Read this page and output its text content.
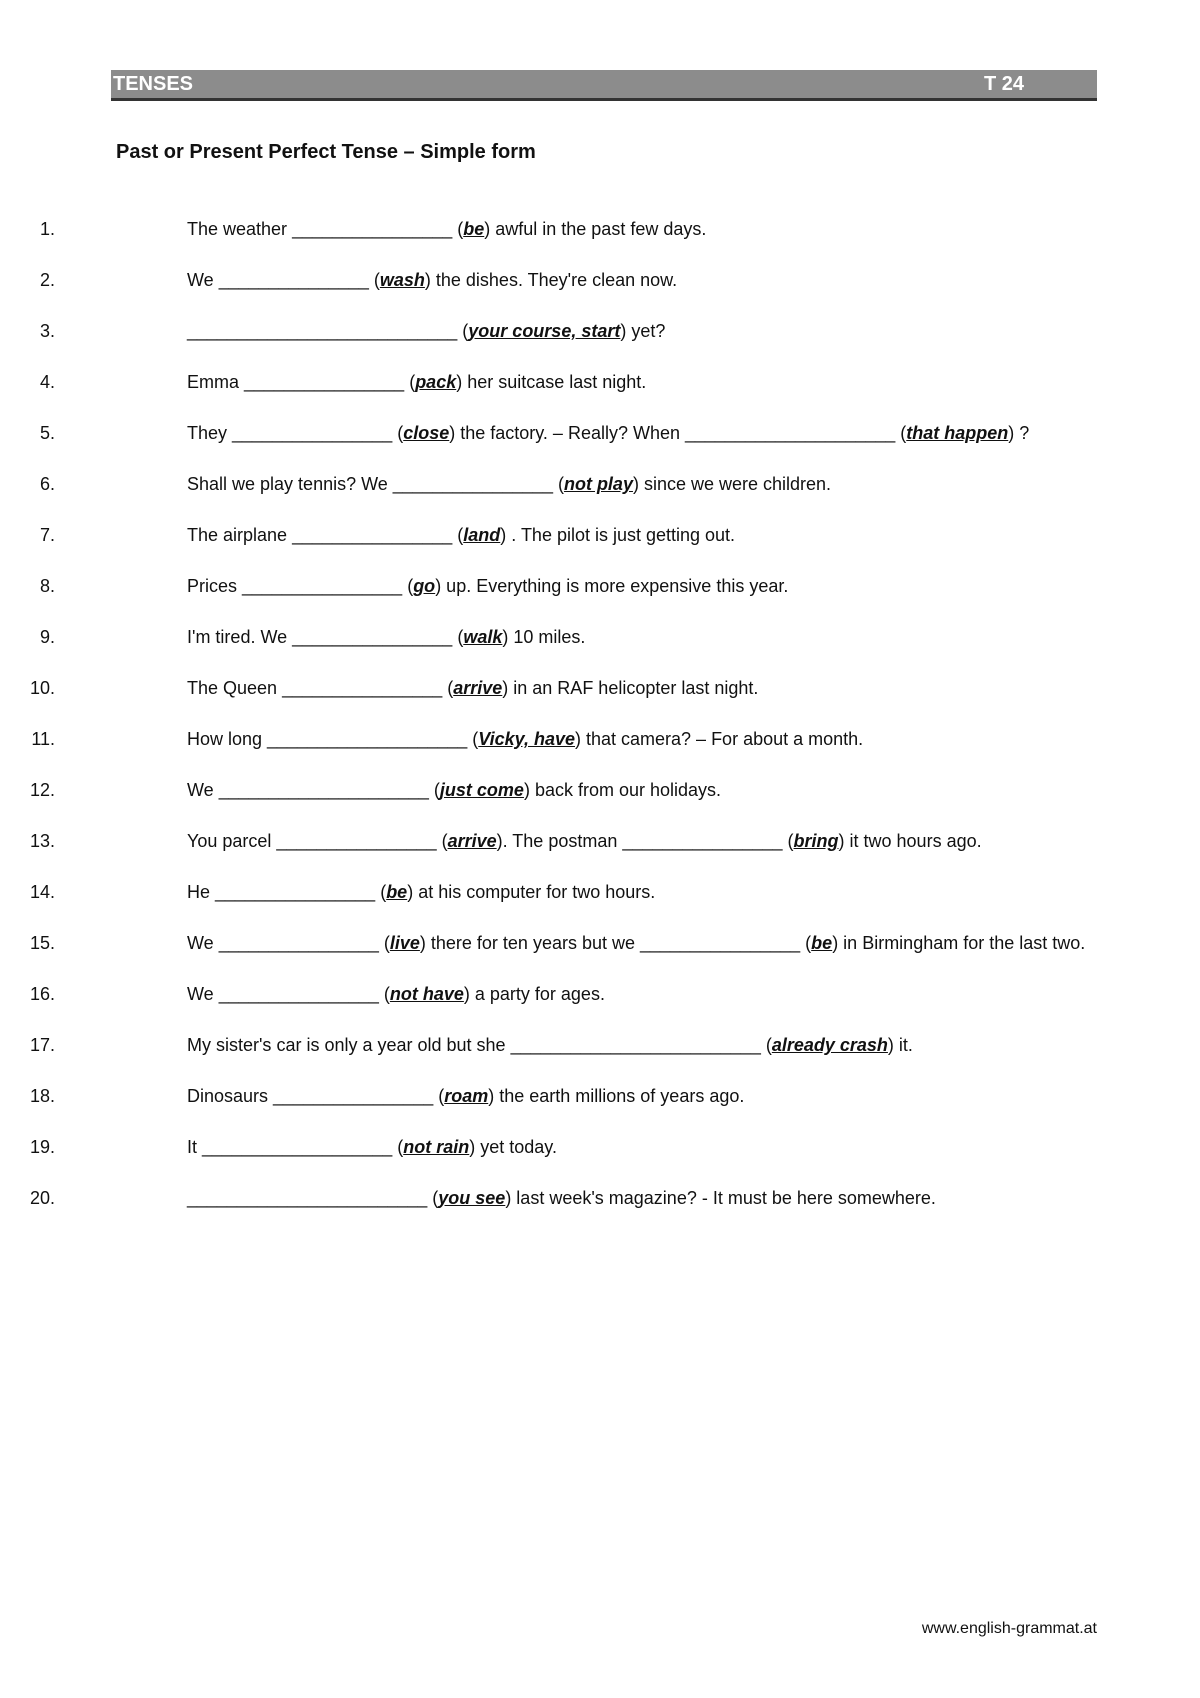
TENSES	T 24
Past or Present Perfect Tense – Simple form
1.	The weather ________________ (be) awful in the past few days.
2.	We _______________ (wash) the dishes. They're clean now.
3.	___________________________ (your course, start) yet?
4.	Emma ________________ (pack) her suitcase last night.
5.	They ________________ (close) the factory. – Really? When _____________________ (that happen) ?
6.	Shall we play tennis? We ________________ (not play) since we were children.
7.	The airplane ________________ (land) . The pilot is just getting out.
8.	Prices ________________ (go) up. Everything is more expensive this year.
9.	I'm tired. We ________________ (walk) 10 miles.
10.	The Queen ________________ (arrive) in an RAF helicopter last night.
11.	How long ____________________ (Vicky, have) that camera? – For about a month.
12.	We _____________________ (just come) back from our holidays.
13.	You parcel ________________ (arrive). The postman ________________ (bring) it two hours ago.
14.	He ________________ (be) at his computer for two hours.
15.	We ________________ (live) there for ten years but we ________________ (be) in Birmingham for the last two.
16.	We ________________ (not have) a party for ages.
17.	My sister's car is only a year old but she _________________________ (already crash) it.
18.	Dinosaurs ________________ (roam) the earth millions of years ago.
19.	It ___________________ (not rain) yet today.
20.	________________________ (you see) last week's magazine? - It must be here somewhere.
www.english-grammat.at
